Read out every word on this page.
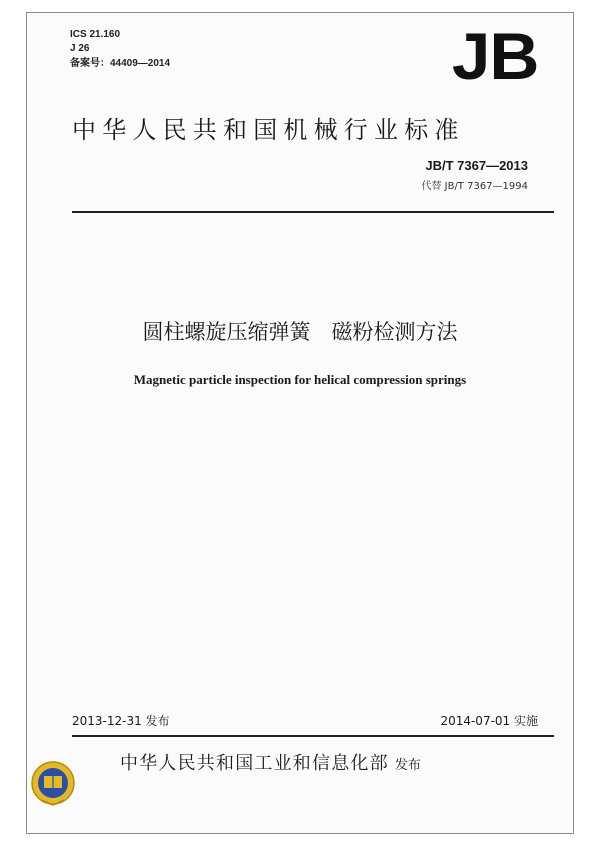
ICS 21.160
J 26
备案号：44409—2014	JB
中华人民共和国机械行业标准
JB/T 7367—2013
代替 JB/T 7367—1994
圆柱螺旋压缩弹簧　磁粉检测方法
Magnetic particle inspection for helical compression springs
2013-12-31 发布	2014-07-01 实施
中华人民共和国工业和信息化部 发布
